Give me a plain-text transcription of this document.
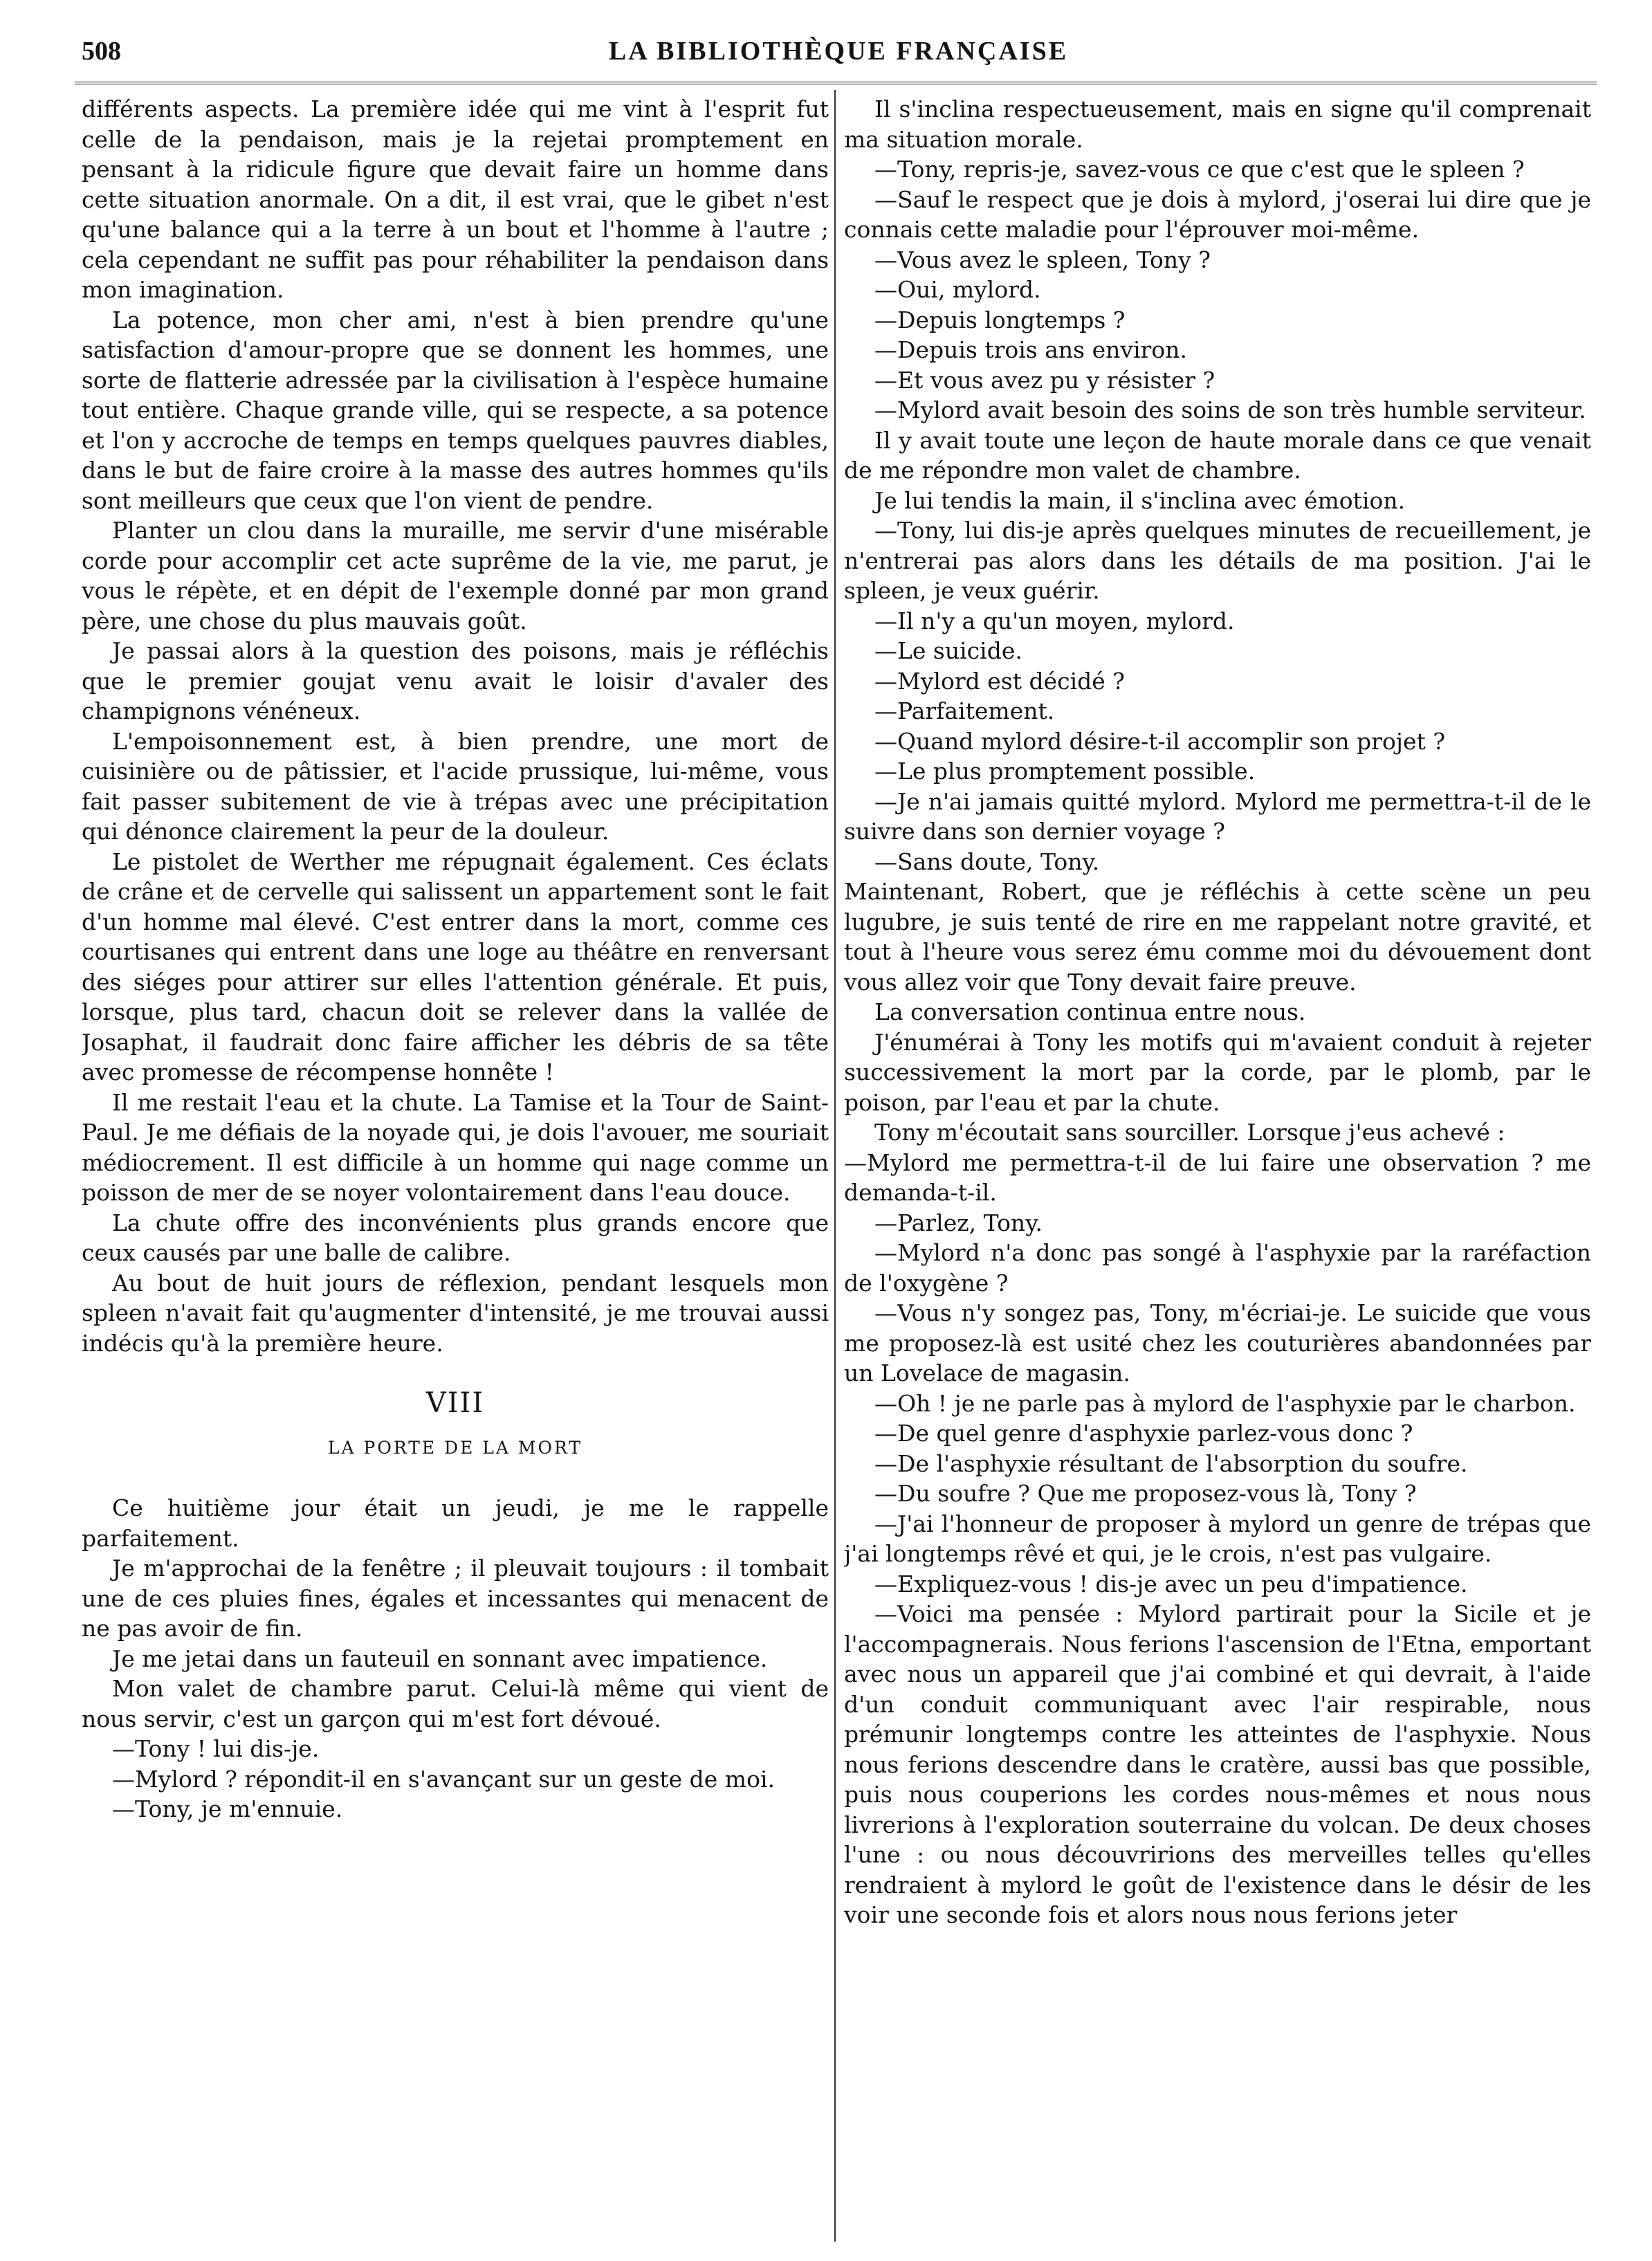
508	LA BIBLIOTHÈQUE FRANÇAISE

différents aspects. La première idée qui me vint à l'esprit fut celle de la pendaison, mais je la rejetai promptement en pensant à la ridicule figure que devait faire un homme dans cette situation anormale. On a dit, il est vrai, que le gibet n'est qu'une balance qui a la terre à un bout et l'homme à l'autre ; cela cependant ne suffit pas pour réhabiliter la pendaison dans mon imagination.

La potence, mon cher ami, n'est à bien prendre qu'une satisfaction d'amour-propre que se donnent les hommes, une sorte de flatterie adressée par la civilisation à l'espèce humaine tout entière. Chaque grande ville, qui se respecte, a sa potence et l'on y accroche de temps en temps quelques pauvres diables, dans le but de faire croire à la masse des autres hommes qu'ils sont meilleurs que ceux que l'on vient de pendre.

Planter un clou dans la muraille, me servir d'une misérable corde pour accomplir cet acte suprême de la vie, me parut, je vous le répète, et en dépit de l'exemple donné par mon grand père, une chose du plus mauvais goût.

Je passai alors à la question des poisons, mais je réfléchis que le premier goujat venu avait le loisir d'avaler des champignons vénéneux.

L'empoisonnement est, à bien prendre, une mort de cuisinière ou de pâtissier, et l'acide prussique, lui-même, vous fait passer subitement de vie à trépas avec une précipitation qui dénonce clairement la peur de la douleur.

Le pistolet de Werther me répugnait également. Ces éclats de crâne et de cervelle qui salissent un appartement sont le fait d'un homme mal élevé. C'est entrer dans la mort, comme ces courtisanes qui entrent dans une loge au théâtre en renversant des siéges pour attirer sur elles l'attention générale. Et puis, lorsque, plus tard, chacun doit se relever dans la vallée de Josaphat, il faudrait donc faire afficher les débris de sa tête avec promesse de récompense honnête !

Il me restait l'eau et la chute. La Tamise et la Tour de Saint-Paul. Je me défiais de la noyade qui, je dois l'avouer, me souriait médiocrement. Il est difficile à un homme qui nage comme un poisson de mer de se noyer volontairement dans l'eau douce.

La chute offre des inconvénients plus grands encore que ceux causés par une balle de calibre.

Au bout de huit jours de réflexion, pendant lesquels mon spleen n'avait fait qu'augmenter d'intensité, je me trouvai aussi indécis qu'à la première heure.

VIII
LA PORTE DE LA MORT

Ce huitième jour était un jeudi, je me le rappelle parfaitement.

Je m'approchai de la fenêtre ; il pleuvait toujours : il tombait une de ces pluies fines, égales et incessantes qui menacent de ne pas avoir de fin.

Je me jetai dans un fauteuil en sonnant avec impatience.

Mon valet de chambre parut. Celui-là même qui vient de nous servir, c'est un garçon qui m'est fort dévoué.

—Tony ! lui dis-je.

—Mylord ? répondit-il en s'avançant sur un geste de moi.

—Tony, je m'ennuie.

Il s'inclina respectueusement, mais en signe qu'il comprenait ma situation morale.

—Tony, repris-je, savez-vous ce que c'est que le spleen ?

—Sauf le respect que je dois à mylord, j'oserai lui dire que je connais cette maladie pour l'éprouver moi-même.

—Vous avez le spleen, Tony ?

—Oui, mylord.

—Depuis longtemps ?

—Depuis trois ans environ.

—Et vous avez pu y résister ?

—Mylord avait besoin des soins de son très humble serviteur.

Il y avait toute une leçon de haute morale dans ce que venait de me répondre mon valet de chambre.

Je lui tendis la main, il s'inclina avec émotion.

—Tony, lui dis-je après quelques minutes de recueillement, je n'entrerai pas alors dans les détails de ma position. J'ai le spleen, je veux guérir.

—Il n'y a qu'un moyen, mylord.

—Le suicide.

—Mylord est décidé ?

—Parfaitement.

—Quand mylord désire-t-il accomplir son projet ?

—Le plus promptement possible.

—Je n'ai jamais quitté mylord. Mylord me permettra-t-il de le suivre dans son dernier voyage ?

—Sans doute, Tony.

Maintenant, Robert, que je réfléchis à cette scène un peu lugubre, je suis tenté de rire en me rappelant notre gravité, et tout à l'heure vous serez ému comme moi du dévouement dont vous allez voir que Tony devait faire preuve.

La conversation continua entre nous.

J'énumérai à Tony les motifs qui m'avaient conduit à rejeter successivement la mort par la corde, par le plomb, par le poison, par l'eau et par la chute.

Tony m'écoutait sans sourciller. Lorsque j'eus achevé :

—Mylord me permettra-t-il de lui faire une observation ? me demanda-t-il.

—Parlez, Tony.

—Mylord n'a donc pas songé à l'asphyxie par la raréfaction de l'oxygène ?

—Vous n'y songez pas, Tony, m'écriai-je. Le suicide que vous me proposez-là est usité chez les couturières abandonnées par un Lovelace de magasin.

—Oh ! je ne parle pas à mylord de l'asphyxie par le charbon.

—De quel genre d'asphyxie parlez-vous donc ?

—De l'asphyxie résultant de l'absorption du soufre.

—Du soufre ? Que me proposez-vous là, Tony ?

—J'ai l'honneur de proposer à mylord un genre de trépas que j'ai longtemps rêvé et qui, je le crois, n'est pas vulgaire.

—Expliquez-vous ! dis-je avec un peu d'impatience.

—Voici ma pensée : Mylord partirait pour la Sicile et je l'accompagnerais. Nous ferions l'ascension de l'Etna, emportant avec nous un appareil que j'ai combiné et qui devrait, à l'aide d'un conduit communiquant avec l'air respirable, nous prémunir longtemps contre les atteintes de l'asphyxie. Nous nous ferions descendre dans le cratère, aussi bas que possible, puis nous couperions les cordes nous-mêmes et nous nous livrerions à l'exploration souterraine du volcan. De deux choses l'une : ou nous découvririons des merveilles telles qu'elles rendraient à mylord le goût de l'existence dans le désir de les voir une seconde fois et alors nous nous ferions jeter
